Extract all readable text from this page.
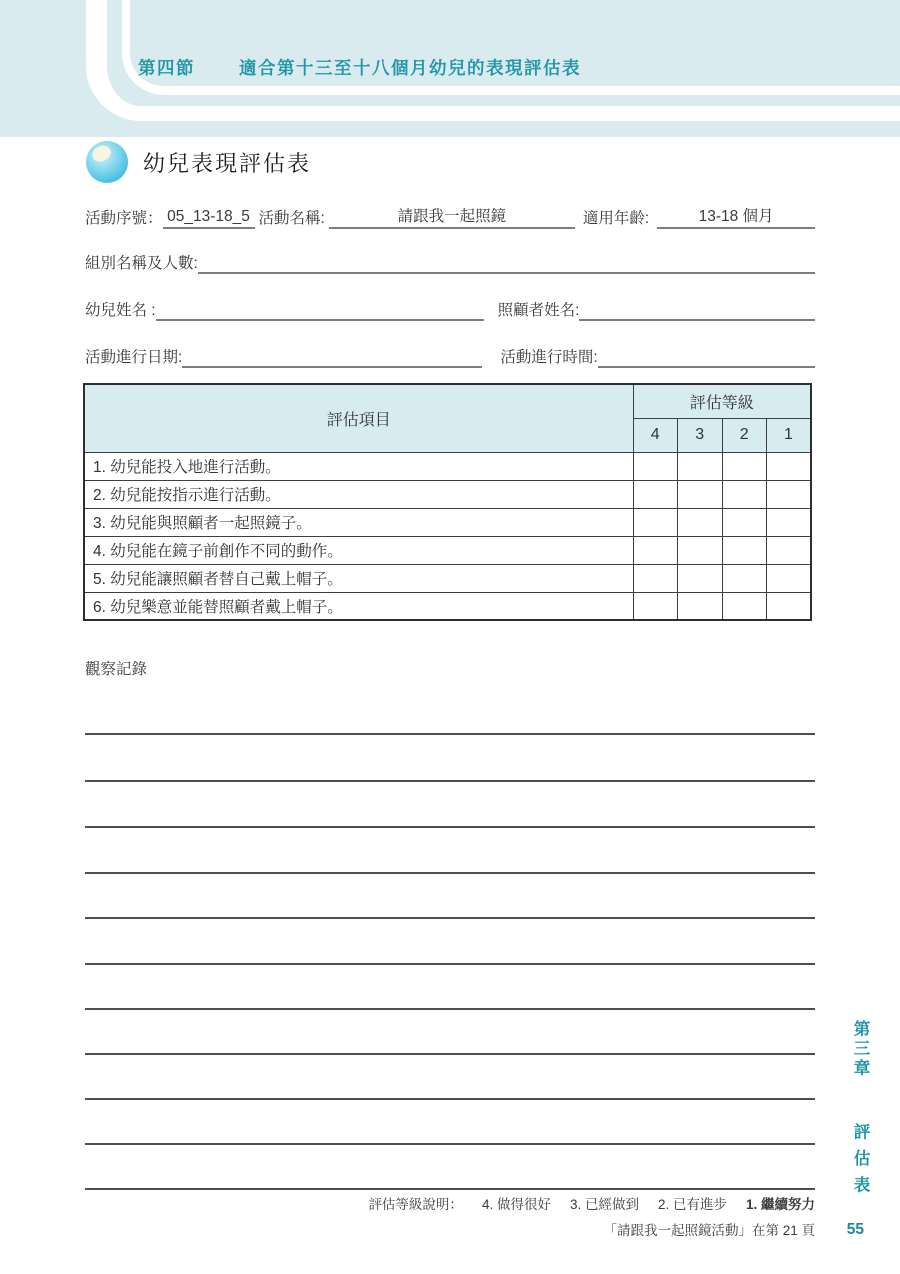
第四節	適合第十三至十八個月幼兒的表現評估表
幼兒表現評估表
活動序號： 05_13-18_5 活動名稱:	請跟我一起照鏡	適用年齡:	13-18 個月
組別名稱及人數:
幼兒姓名 :	照顧者姓名:
活動進行日期:	活動進行時間:
評估項目	評估等級			
	4	3	2	1
1. 幼兒能投入地進行活動。				
2. 幼兒能按指示進行活動。				
3. 幼兒能與照顧者一起照鏡子。				
4. 幼兒能在鏡子前創作不同的動作。				
5. 幼兒能讓照顧者替自己戴上帽子。				
6. 幼兒樂意並能替照顧者戴上帽子。				
觀察記錄
評估等級說明： 4. 做得很好 3. 已經做到 2. 已有進步 1. 繼續努力
「請跟我一起照鏡活動」在第 21 頁
第三章 評估表
55
